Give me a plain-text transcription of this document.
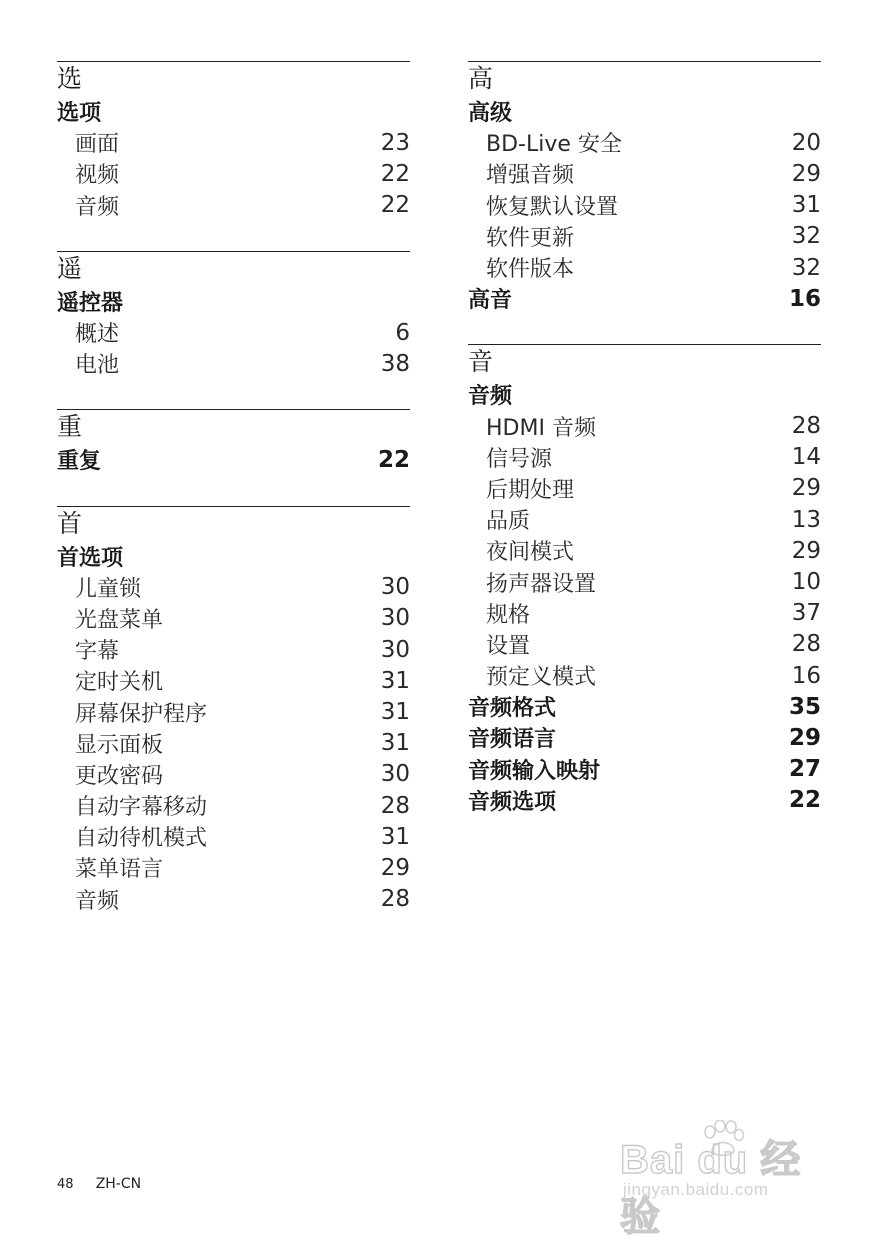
选
选项
画面	23
视频	22
音频	22
遥
遥控器
概述	6
电池	38
重
重复	22
首
首选项
儿童锁	30
光盘菜单	30
字幕	30
定时关机	31
屏幕保护程序	31
显示面板	31
更改密码	30
自动字幕移动	28
自动待机模式	31
菜单语言	29
音频	28
高
高级
BD-Live 安全	20
增强音频	29
恢复默认设置	31
软件更新	32
软件版本	32
高音	16
音
音频
HDMI 音频	28
信号源	14
后期处理	29
品质	13
夜间模式	29
扬声器设置	10
规格	37
设置	28
预定义模式	16
音频格式	35
音频语言	29
音频输入映射	27
音频选项	22
48 ZH-CN
Bai du 经验
jingyan.baidu.com
